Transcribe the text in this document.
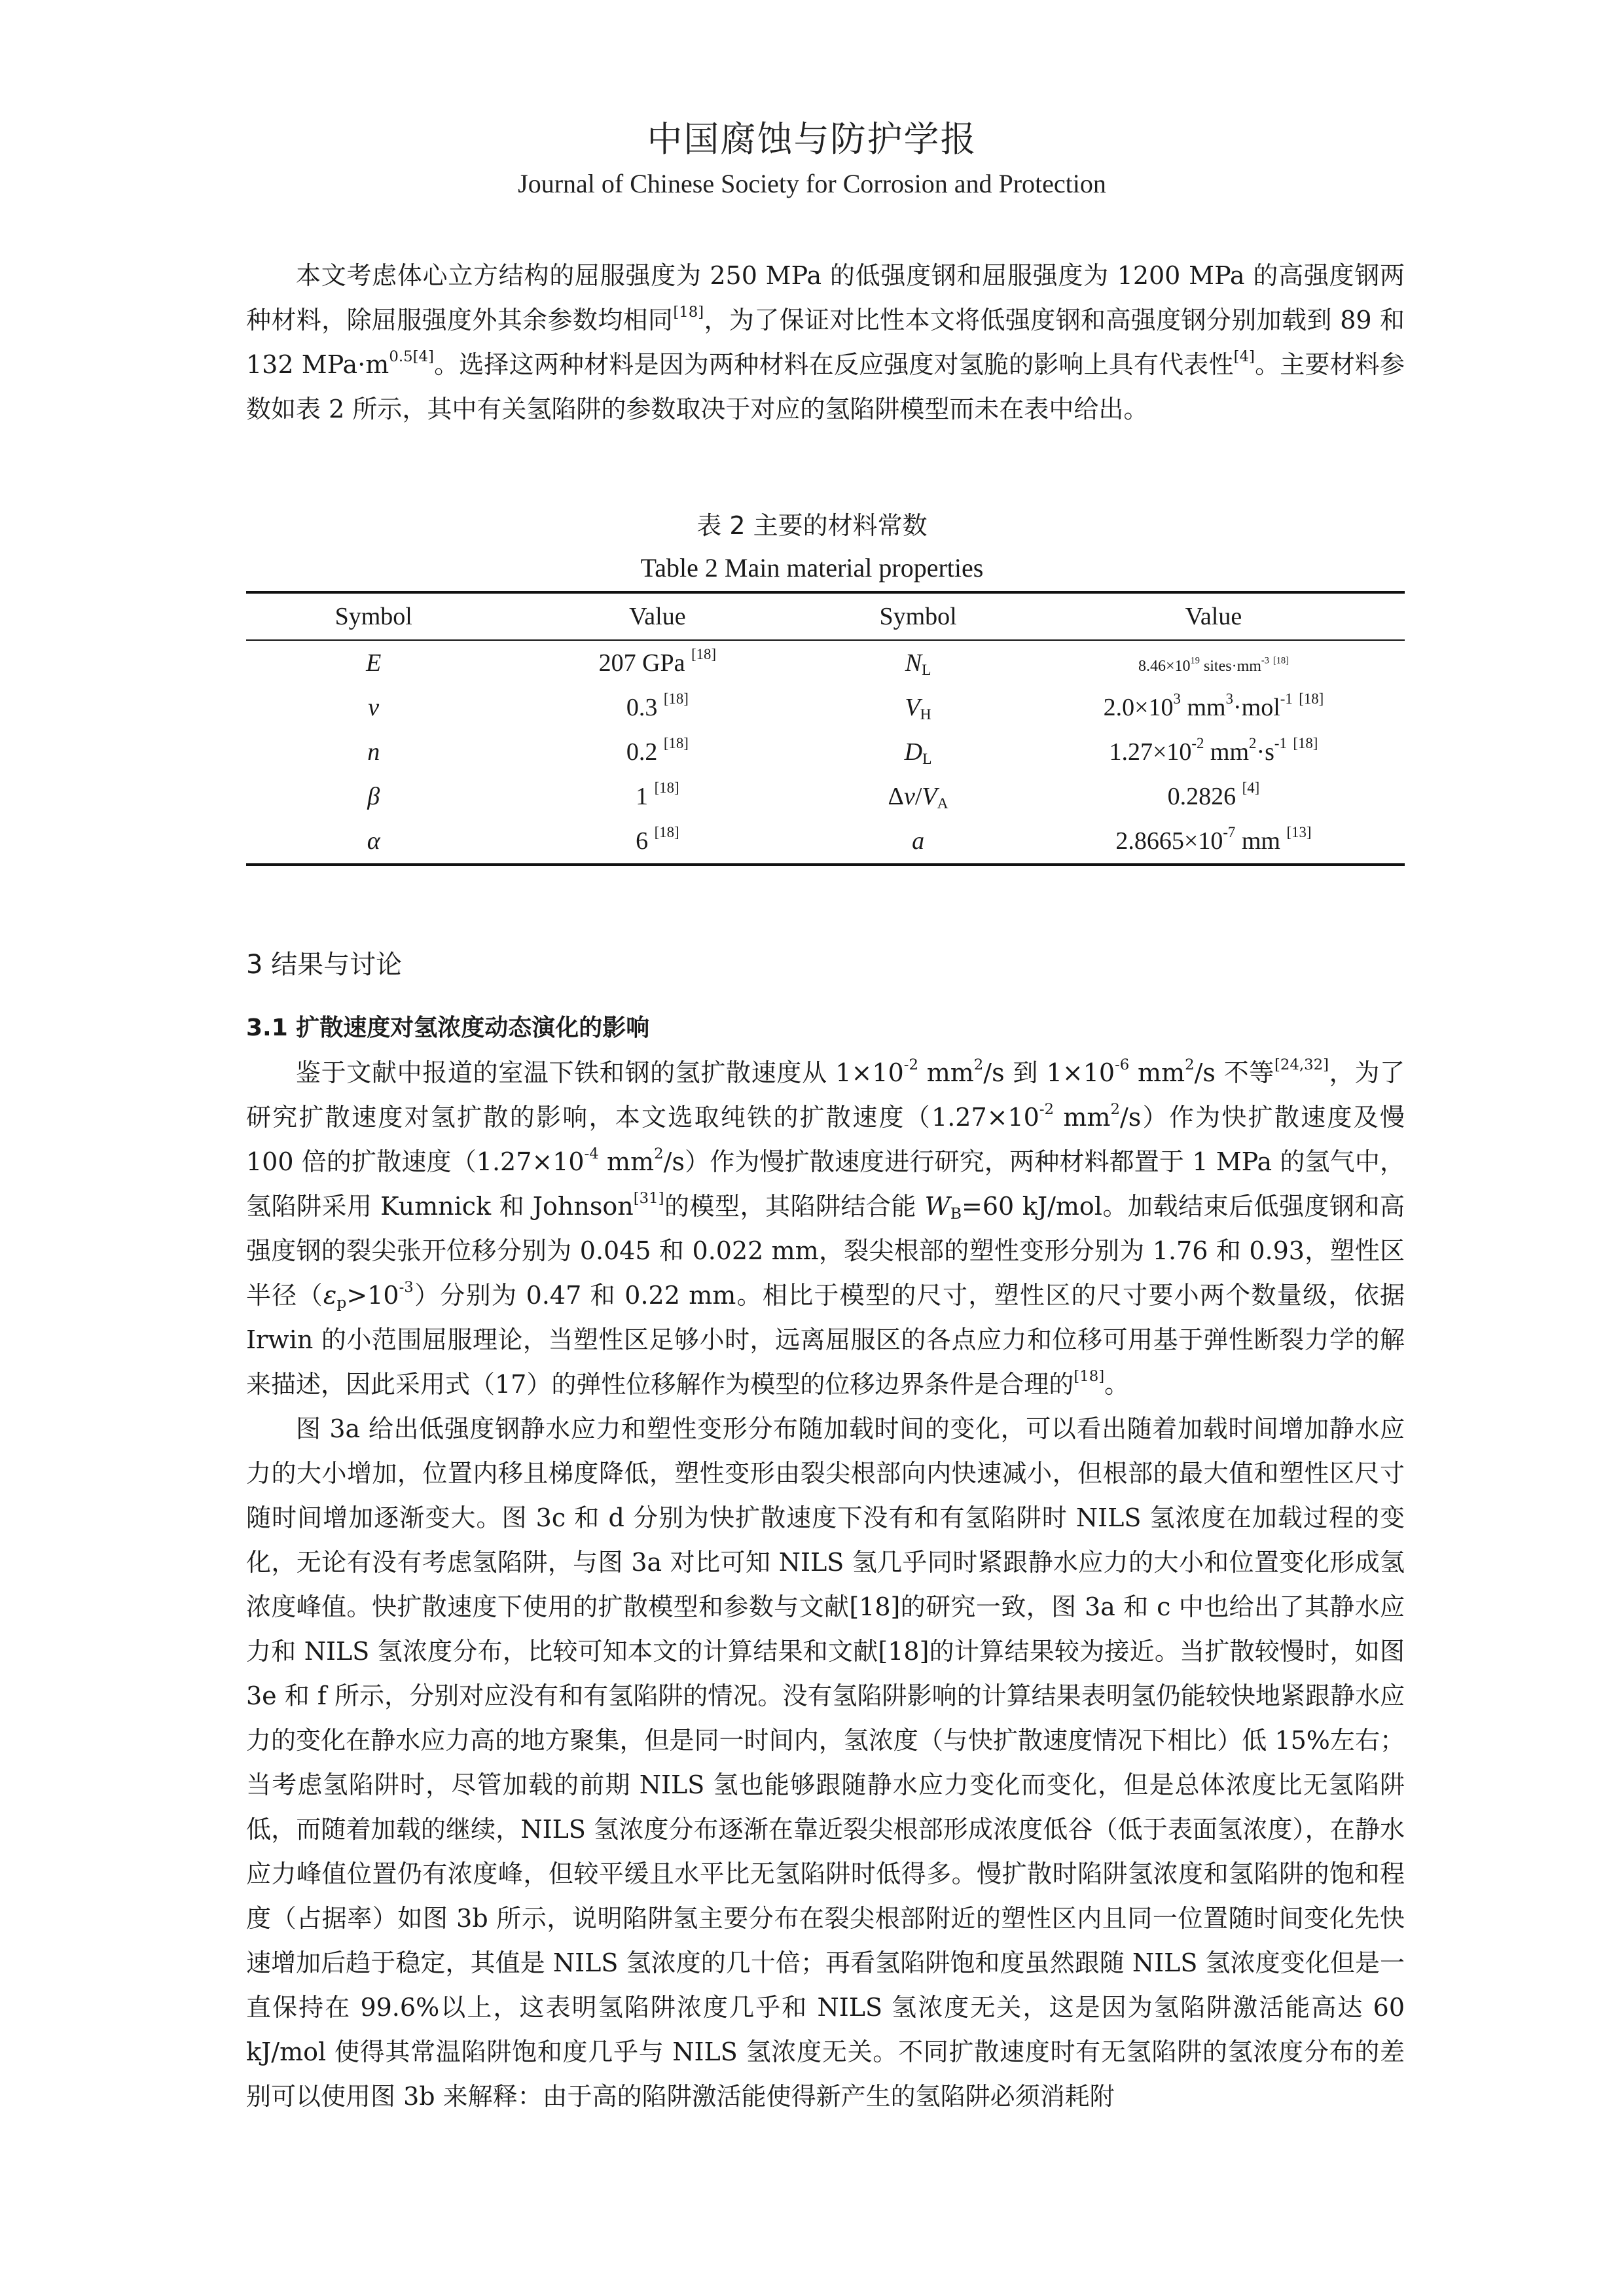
中国腐蚀与防护学报
Journal of Chinese Society for Corrosion and Protection

本文考虑体心立方结构的屈服强度为 250 MPa 的低强度钢和屈服强度为 1200 MPa 的高强度钢两种材料，除屈服强度外其余参数均相同[18]，为了保证对比性本文将低强度钢和高强度钢分别加载到 89 和 132 $MPa\cdot m^{0.5[4]}$。选择这两种材料是因为两种材料在反应强度对氢脆的影响上具有代表性[4]。主要材料参数如表 2 所示，其中有关氢陷阱的参数取决于对应的氢陷阱模型而未在表中给出。

表 2 主要的材料常数
Table 2 Main material properties
Symbol	Value	Symbol	Value
E	207 GPa [18]	$N_L$	$8.46\times 10^{19}$ $sites\cdot mm^{-3}$ [18]
v	0.3 [18]	$V_H$	$2.0\times 10^3$ $mm^3\cdot mol^{-1}$ [18]
n	0.2 [18]	$D_L$	$1.27\times 10^{-2}$ $mm^2\cdot s^{-1}$ [18]
β	1 [18]	$\Delta v/V_A$	0.2826 [4]
α	6 [18]	a	$2.8665\times 10^{-7}$ mm [13]
3 结果与讨论
3.1 扩散速度对氢浓度动态演化的影响

鉴于文献中报道的室温下铁和钢的氢扩散速度从 $1\times 10^{-2}$ $mm^2/s$ 到 $1\times 10^{-6}$ $mm^2/s$ 不等[24,32]，为了研究扩散速度对氢扩散的影响，本文选取纯铁的扩散速度（$1.27\times 10^{-2}$ $mm^2/s$）作为快扩散速度及慢 100 倍的扩散速度（$1.27\times 10^{-4}$ $mm^2/s$）作为慢扩散速度进行研究，两种材料都置于 1 MPa 的氢气中，氢陷阱采用 Kumnick 和 Johnson[31]的模型，其陷阱结合能 $W_B=60$ kJ/mol。加载结束后低强度钢和高强度钢的裂尖张开位移分别为 0.045 和 0.022 mm，裂尖根部的塑性变形分别为 1.76 和 0.93，塑性区半径$(\varepsilon_p>10^{-3})$分别为 0.47 和 0.22 mm。相比于模型的尺寸，塑性区的尺寸要小两个数量级，依据 Irwin 的小范围屈服理论，当塑性区足够小时，远离屈服区的各点应力和位移可用基于弹性断裂力学的解来描述，因此采用式（17）的弹性位移解作为模型的位移边界条件是合理的[18]。

图 3a 给出低强度钢静水应力和塑性变形分布随加载时间的变化，可以看出随着加载时间增加静水应力的大小增加，位置内移且梯度降低，塑性变形由裂尖根部向内快速减小，但根部的最大值和塑性区尺寸随时间增加逐渐变大。图 3c 和 d 分别为快扩散速度下没有和有氢陷阱时 NILS 氢浓度在加载过程的变化，无论有没有考虑氢陷阱，与图 3a 对比可知 NILS 氢几乎同时紧跟静水应力的大小和位置变化形成氢浓度峰值。快扩散速度下使用的扩散模型和参数与文献[18]的研究一致，图 3a 和 c 中也给出了其静水应力和 NILS 氢浓度分布，比较可知本文的计算结果和文献[18]的计算结果较为接近。当扩散较慢时，如图 3e 和 f 所示，分别对应没有和有氢陷阱的情况。没有氢陷阱影响的计算结果表明氢仍能较快地紧跟静水应力的变化在静水应力高的地方聚集，但是同一时间内，氢浓度（与快扩散速度情况下相比）低 15%左右；当考虑氢陷阱时，尽管加载的前期 NILS 氢也能够跟随静水应力变化而变化，但是总体浓度比无氢陷阱低，而随着加载的继续，NILS 氢浓度分布逐渐在靠近裂尖根部形成浓度低谷（低于表面氢浓度），在静水应力峰值位置仍有浓度峰，但较平缓且水平比无氢陷阱时低得多。慢扩散时陷阱氢浓度和氢陷阱的饱和程度（占据率）如图 3b 所示，说明陷阱氢主要分布在裂尖根部附近的塑性区内且同一位置随时间变化先快速增加后趋于稳定，其值是 NILS 氢浓度的几十倍；再看氢陷阱饱和度虽然跟随 NILS 氢浓度变化但是一直保持在 99.6%以上，这表明氢陷阱浓度几乎和 NILS 氢浓度无关，这是因为氢陷阱激活能高达 60 kJ/mol 使得其常温陷阱饱和度几乎与 NILS 氢浓度无关。不同扩散速度时有无氢陷阱的氢浓度分布的差别可以使用图 3b 来解释：由于高的陷阱激活能使得新产生的氢陷阱必须消耗附
